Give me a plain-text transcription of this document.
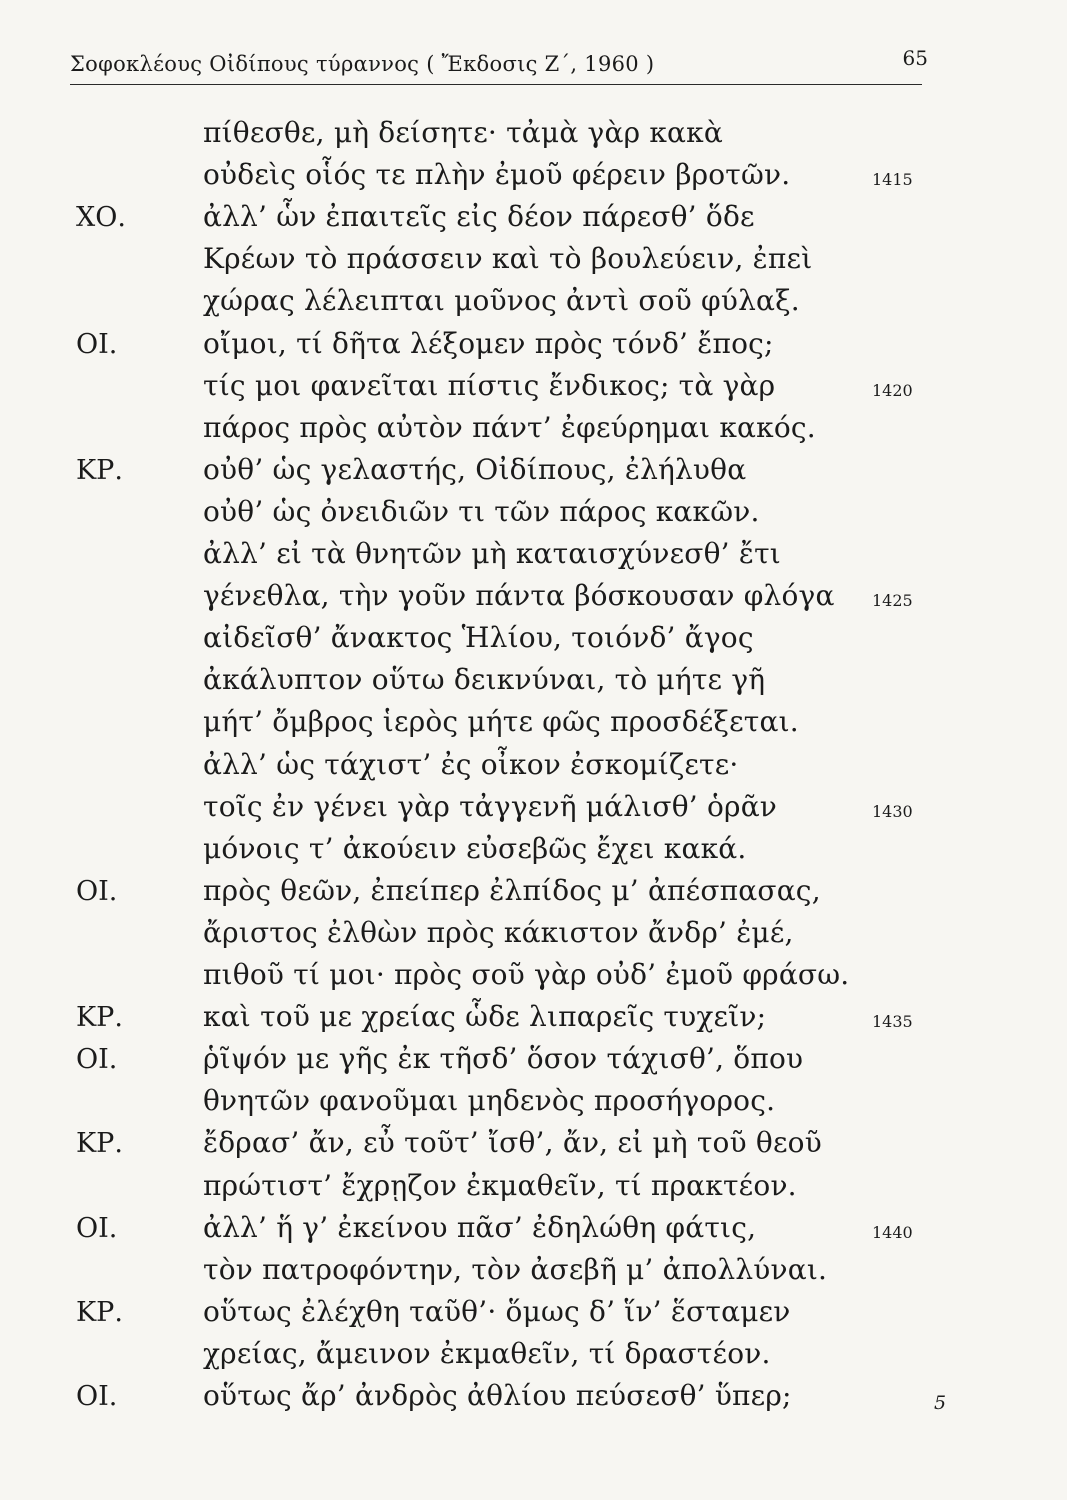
Σοφοκλέους Οἰδίπους τύραννος ( Ἔκδοσις Ζ΄, 1960 )	65
πίθεσθε, μὴ δείσητε· τἀμὰ γὰρ κακὰ
οὐδεὶς οἷός τε πλὴν ἐμοῦ φέρειν βροτῶν.	1415
ΧΟ.	ἀλλ’ ὧν ἐπαιτεῖς εἰς δέον πάρεσθ’ ὅδε
Κρέων τὸ πράσσειν καὶ τὸ βουλεύειν, ἐπεὶ
χώρας λέλειπται μοῦνος ἀντὶ σοῦ φύλαξ.
ΟΙ.	οἴμοι, τί δῆτα λέξομεν πρὸς τόνδ’ ἔπος;
τίς μοι φανεῖται πίστις ἔνδικος; τὰ γὰρ	1420
πάρος πρὸς αὐτὸν πάντ’ ἐφεύρημαι κακός.
ΚΡ.	οὐθ’ ὡς γελαστής, Οἰδίπους, ἐλήλυθα
οὐθ’ ὡς ὀνειδιῶν τι τῶν πάρος κακῶν.
ἀλλ’ εἰ τὰ θνητῶν μὴ καταισχύνεσθ’ ἔτι
γένεθλα, τὴν γοῦν πάντα βόσκουσαν φλόγα 1425
αἰδεῖσθ’ ἄνακτος Ἡλίου, τοιόνδ’ ἄγος
ἀκάλυπτον οὕτω δεικνύναι, τὸ μήτε γῆ
μήτ’ ὄμβρος ἱερὸς μήτε φῶς προσδέξεται.
ἀλλ’ ὡς τάχιστ’ ἐς οἶκον ἐσκομίζετε·
τοῖς ἐν γένει γὰρ τἀγγενῆ μάλισθ’ ὁρᾶν	1430
μόνοις τ’ ἀκούειν εὐσεβῶς ἔχει κακά.
ΟΙ.	πρὸς θεῶν, ἐπείπερ ἐλπίδος μ’ ἀπέσπασας,
ἄριστος ἐλθὼν πρὸς κάκιστον ἄνδρ’ ἐμέ,
πιθοῦ τί μοι· πρὸς σοῦ γὰρ οὐδ’ ἐμοῦ φράσω.
ΚΡ.	καὶ τοῦ με χρείας ὧδε λιπαρεῖς τυχεῖν;	1435
ΟΙ.	ῥῖψόν με γῆς ἐκ τῆσδ’ ὅσον τάχισθ’, ὅπου
θνητῶν φανοῦμαι μηδενὸς προσήγορος.
ΚΡ.	ἔδρασ’ ἄν, εὖ τοῦτ’ ἴσθ’, ἄν, εἰ μὴ τοῦ θεοῦ
πρώτιστ’ ἔχρῃζον ἐκμαθεῖν, τί πρακτέον.
ΟΙ.	ἀλλ’ ἥ γ’ ἐκείνου πᾶσ’ ἐδηλώθη φάτις,	1440
τὸν πατροφόντην, τὸν ἀσεβῆ μ’ ἀπολλύναι.
ΚΡ.	οὕτως ἐλέχθη ταῦθ’· ὅμως δ’ ἵν’ ἕσταμεν
χρείας, ἄμεινον ἐκμαθεῖν, τί δραστέον.
ΟΙ.	οὕτως ἄρ’ ἀνδρὸς ἀθλίου πεύσεσθ’ ὕπερ;	5
